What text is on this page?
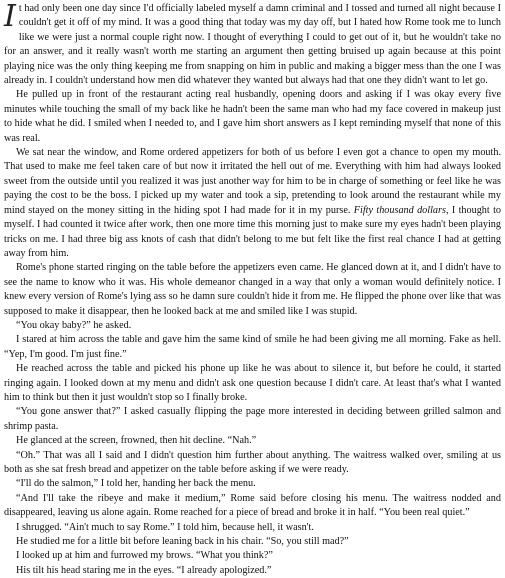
It had only been one day since I'd officially labeled myself a damn criminal and I tossed and turned all night because I couldn't get it off of my mind. It was a good thing that today was my day off, but I hated how Rome took me to lunch like we were just a normal couple right now. I thought of everything I could to get out of it, but he wouldn't take no for an answer, and it really wasn't worth me starting an argument then getting bruised up again because at this point playing nice was the only thing keeping me from snapping on him in public and making a bigger mess than the one I was already in. I couldn't understand how men did whatever they wanted but always had that one they didn't want to let go.

He pulled up in front of the restaurant acting real husbandly, opening doors and asking if I was okay every five minutes while touching the small of my back like he hadn't been the same man who had my face covered in makeup just to hide what he did. I smiled when I needed to, and I gave him short answers as I kept reminding myself that none of this was real.

We sat near the window, and Rome ordered appetizers for both of us before I even got a chance to open my mouth. That used to make me feel taken care of but now it irritated the hell out of me. Everything with him had always looked sweet from the outside until you realized it was just another way for him to be in charge of something or feel like he was paying the cost to be the boss. I picked up my water and took a sip, pretending to look around the restaurant while my mind stayed on the money sitting in the hiding spot I had made for it in my purse. Fifty thousand dollars, I thought to myself. I had counted it twice after work, then one more time this morning just to make sure my eyes hadn't been playing tricks on me. I had three big ass knots of cash that didn't belong to me but felt like the first real chance I had at getting away from him.

Rome's phone started ringing on the table before the appetizers even came. He glanced down at it, and I didn't have to see the name to know who it was. His whole demeanor changed in a way that only a woman would definitely notice. I knew every version of Rome's lying ass so he damn sure couldn't hide it from me. He flipped the phone over like that was supposed to make it disappear, then he looked back at me and smiled like I was stupid.

“You okay baby?” he asked.

I stared at him across the table and gave him the same kind of smile he had been giving me all morning. Fake as hell. “Yep, I'm good. I'm just fine.”

He reached across the table and picked his phone up like he was about to silence it, but before he could, it started ringing again. I looked down at my menu and didn't ask one question because I didn't care. At least that's what I wanted him to think but then it just wouldn't stop so I finally broke.

“You gone answer that?” I asked casually flipping the page more interested in deciding between grilled salmon and shrimp pasta.

He glanced at the screen, frowned, then hit decline. “Nah.”

“Oh.” That was all I said and I didn't question him further about anything. The waitress walked over, smiling at us both as she sat fresh bread and appetizer on the table before asking if we were ready.

“I'll do the salmon,” I told her, handing her back the menu.

“And I'll take the ribeye and make it medium,” Rome said before closing his menu. The waitress nodded and disappeared, leaving us alone again. Rome reached for a piece of bread and broke it in half. “You been real quiet.”

I shrugged. “Ain't much to say Rome.” I told him, because hell, it wasn't.

He studied me for a little bit before leaning back in his chair. “So, you still mad?”

I looked up at him and furrowed my brows. “What you think?”

His tilt his head staring me in the eyes. “I already apologized.”
